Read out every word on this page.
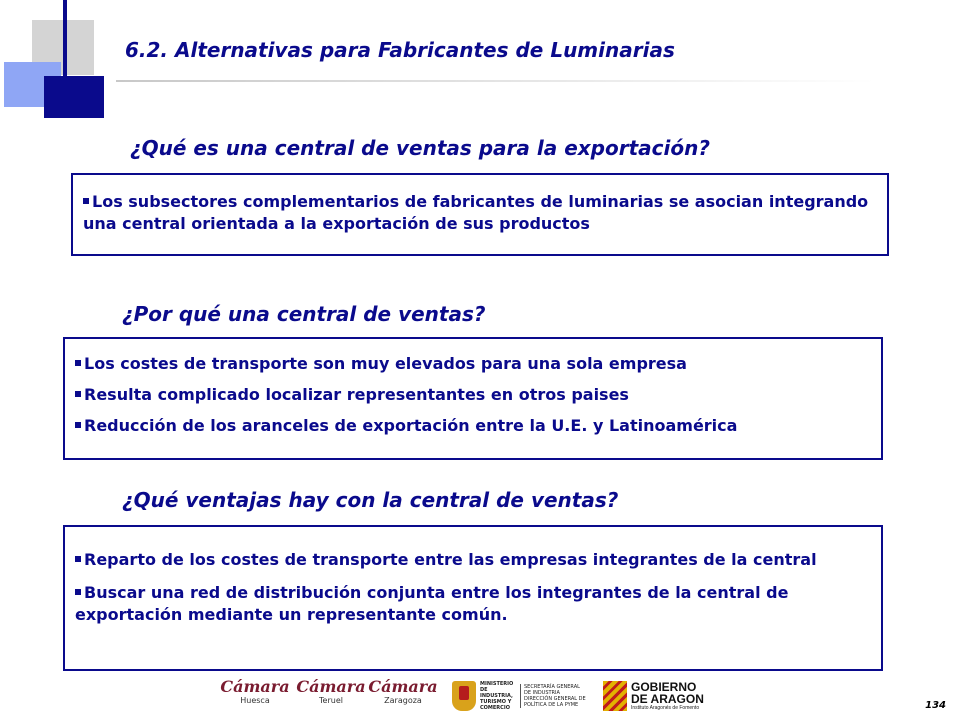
6.2. Alternativas para Fabricantes de Luminarias
¿Qué es una central de ventas para la exportación?

Los subsectores complementarios de fabricantes de luminarias se asocian integrando una central orientada a la exportación de sus productos

¿Por qué una central de ventas?

Los costes de transporte son muy elevados para una sola empresa

Resulta complicado localizar representantes en otros paises

Reducción de los aranceles de exportación entre la U.E. y Latinoamérica

¿Qué ventajas hay con la central de ventas?

Reparto de los costes de transporte entre las empresas integrantes de la central

Buscar una red de distribución conjunta entre los integrantes de la central de exportación mediante un representante común.

Cámara
Huesca
Cámara
Teruel
Cámara
Zaragoza
MINISTERIO DE INDUSTRIA, TURISMO Y COMERCIO
SECRETARÍA GENERAL DE INDUSTRIA
DIRECCIÓN GENERAL DE POLÍTICA DE LA PYME
GOBIERNO
DE ARAGON
Instituto Aragonés de Fomento	134
